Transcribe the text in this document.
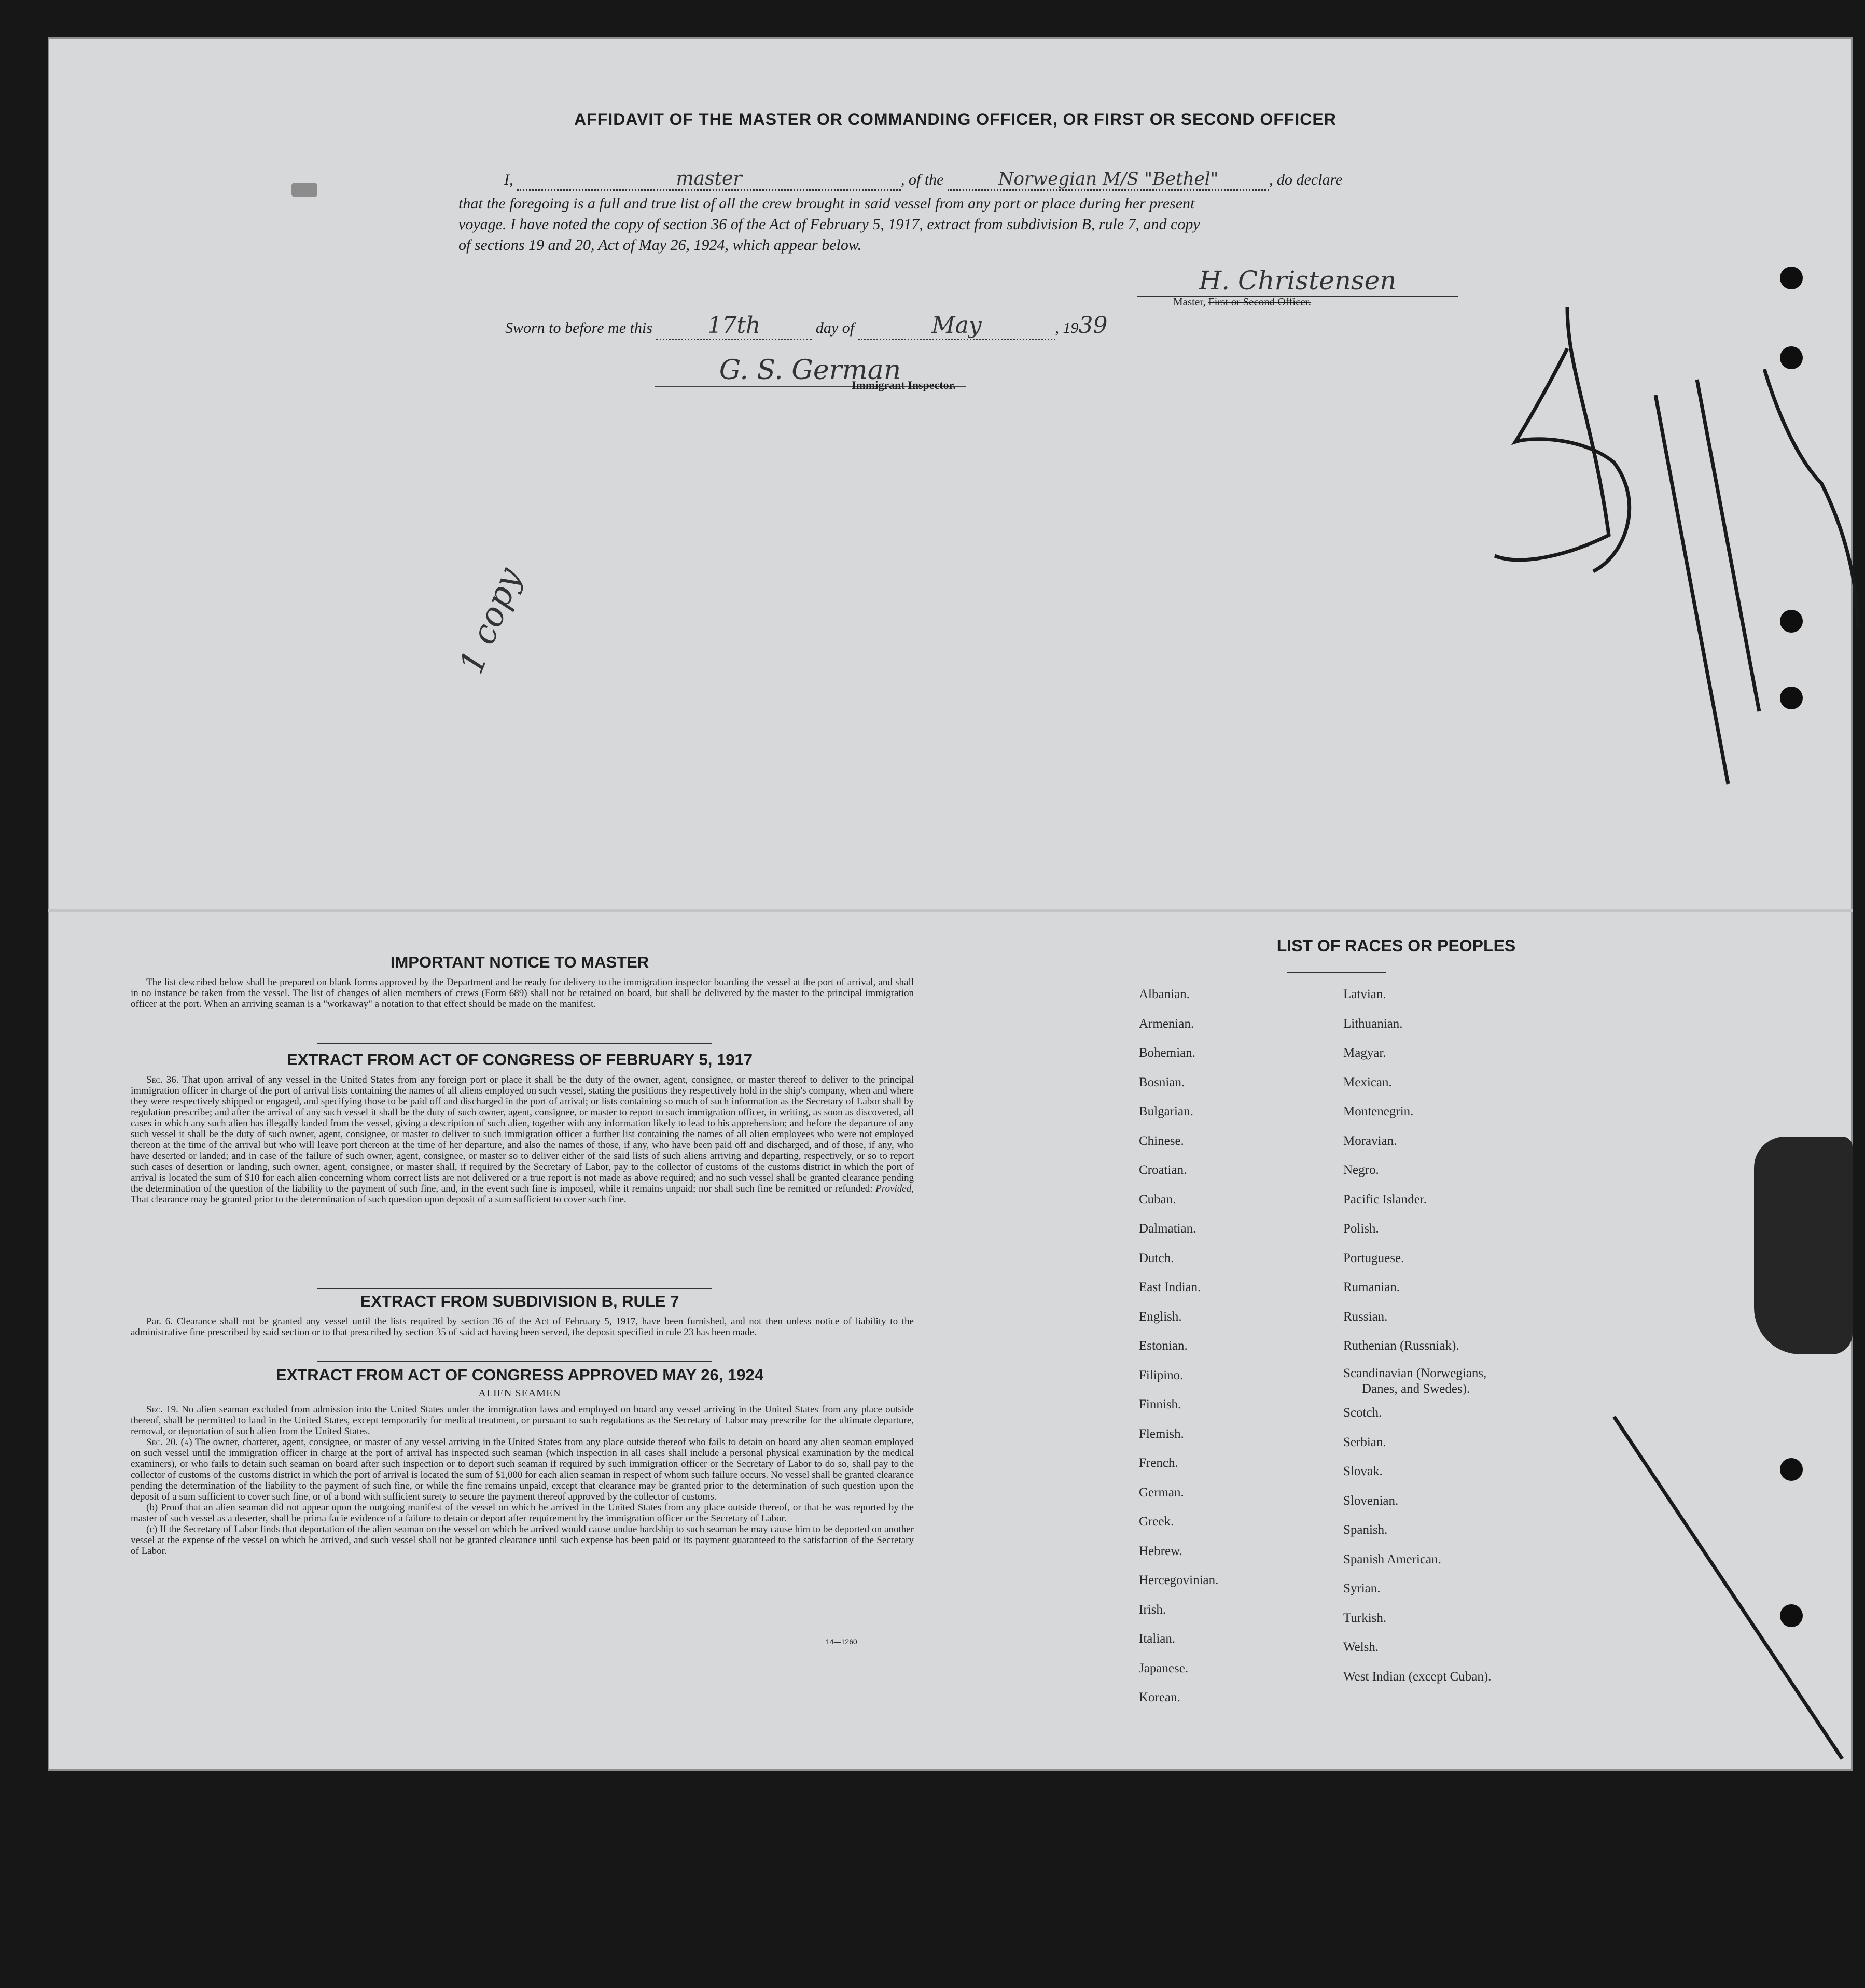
AFFIDAVIT OF THE MASTER OR COMMANDING OFFICER, OR FIRST OR SECOND OFFICER
I,	master	, of the	Norwegian M/S "Bethel"	, do declare
that the foregoing is a full and true list of all the crew brought in said vessel from any port or place during her present
voyage. I have noted the copy of section 36 of the Act of February 5, 1917, extract from subdivision B, rule 7, and copy
of sections 19 and 20, Act of May 26, 1924, which appear below.
H. Christensen
Master, First or Second Officer.
Sworn to before me this 17th	day of	May	, 1939
G. S. German
Immigrant Inspector.
1 copy
IMPORTANT NOTICE TO MASTER
The list described below shall be prepared on blank forms approved by the Department and be ready for delivery to the immigration inspector boarding the vessel at the port of arrival, and shall in no instance be taken from the vessel. The list of changes of alien members of crews (Form 689) shall not be retained on board, but shall be delivered by the master to the principal immigration officer at the port. When an arriving seaman is a "workaway" a notation to that effect should be made on the manifest.
EXTRACT FROM ACT OF CONGRESS OF FEBRUARY 5, 1917
Sec. 36. That upon arrival of any vessel in the United States from any foreign port or place it shall be the duty of the owner, agent, consignee, or master thereof to deliver to the principal immigration officer in charge of the port of arrival lists containing the names of all aliens employed on such vessel, stating the positions they respectively hold in the ship's company, when and where they were respectively shipped or engaged, and specifying those to be paid off and discharged in the port of arrival; or lists containing so much of such information as the Secretary of Labor shall by regulation prescribe; and after the arrival of any such vessel it shall be the duty of such owner, agent, consignee, or master to report to such immigration officer, in writing, as soon as discovered, all cases in which any such alien has illegally landed from the vessel, giving a description of such alien, together with any information likely to lead to his apprehension; and before the departure of any such vessel it shall be the duty of such owner, agent, consignee, or master to deliver to such immigration officer a further list containing the names of all alien employees who were not employed thereon at the time of the arrival but who will leave port thereon at the time of her departure, and also the names of those, if any, who have been paid off and discharged, and of those, if any, who have deserted or landed; and in case of the failure of such owner, agent, consignee, or master so to deliver either of the said lists of such aliens arriving and departing, respectively, or so to report such cases of desertion or landing, such owner, agent, consignee, or master shall, if required by the Secretary of Labor, pay to the collector of customs of the customs district in which the port of arrival is located the sum of $10 for each alien concerning whom correct lists are not delivered or a true report is not made as above required; and no such vessel shall be granted clearance pending the determination of the question of the liability to the payment of such fine, and, in the event such fine is imposed, while it remains unpaid; nor shall such fine be remitted or refunded: Provided, That clearance may be granted prior to the determination of such question upon deposit of a sum sufficient to cover such fine.
EXTRACT FROM SUBDIVISION B, RULE 7
Par. 6. Clearance shall not be granted any vessel until the lists required by section 36 of the Act of February 5, 1917, have been furnished, and not then unless notice of liability to the administrative fine prescribed by said section or to that prescribed by section 35 of said act having been served, the deposit specified in rule 23 has been made.
EXTRACT FROM ACT OF CONGRESS APPROVED MAY 26, 1924
ALIEN SEAMEN
Sec. 19. No alien seaman excluded from admission into the United States under the immigration laws and employed on board any vessel arriving in the United States from any place outside thereof, shall be permitted to land in the United States, except temporarily for medical treatment, or pursuant to such regulations as the Secretary of Labor may prescribe for the ultimate departure, removal, or deportation of such alien from the United States.
Sec. 20. (a) The owner, charterer, agent, consignee, or master of any vessel arriving in the United States from any place outside thereof who fails to detain on board any alien seaman employed on such vessel until the immigration officer in charge at the port of arrival has inspected such seaman (which inspection in all cases shall include a personal physical examination by the medical examiners), or who fails to detain such seaman on board after such inspection or to deport such seaman if required by such immigration officer or the Secretary of Labor to do so, shall pay to the collector of customs of the customs district in which the port of arrival is located the sum of $1,000 for each alien seaman in respect of whom such failure occurs. No vessel shall be granted clearance pending the determination of the liability to the payment of such fine, or while the fine remains unpaid, except that clearance may be granted prior to the determination of such question upon the deposit of a sum sufficient to cover such fine, or of a bond with sufficient surety to secure the payment thereof approved by the collector of customs.
(b) Proof that an alien seaman did not appear upon the outgoing manifest of the vessel on which he arrived in the United States from any place outside thereof, or that he was reported by the master of such vessel as a deserter, shall be prima facie evidence of a failure to detain or deport after requirement by the immigration officer or the Secretary of Labor.
(c) If the Secretary of Labor finds that deportation of the alien seaman on the vessel on which he arrived would cause undue hardship to such seaman he may cause him to be deported on another vessel at the expense of the vessel on which he arrived, and such vessel shall not be granted clearance until such expense has been paid or its payment guaranteed to the satisfaction of the Secretary of Labor.
14—1260
LIST OF RACES OR PEOPLES
Albanian.
Armenian.
Bohemian.
Bosnian.
Bulgarian.
Chinese.
Croatian.
Cuban.
Dalmatian.
Dutch.
East Indian.
English.
Estonian.
Filipino.
Finnish.
Flemish.
French.
German.
Greek.
Hebrew.
Hercegovinian.
Irish.
Italian.
Japanese.
Korean.
Latvian.
Lithuanian.
Magyar.
Mexican.
Montenegrin.
Moravian.
Negro.
Pacific Islander.
Polish.
Portuguese.
Rumanian.
Russian.
Ruthenian (Russniak).
Scandinavian (Norwegians,
Danes, and Swedes).
Scotch.
Serbian.
Slovak.
Slovenian.
Spanish.
Spanish American.
Syrian.
Turkish.
Welsh.
West Indian (except Cuban).
